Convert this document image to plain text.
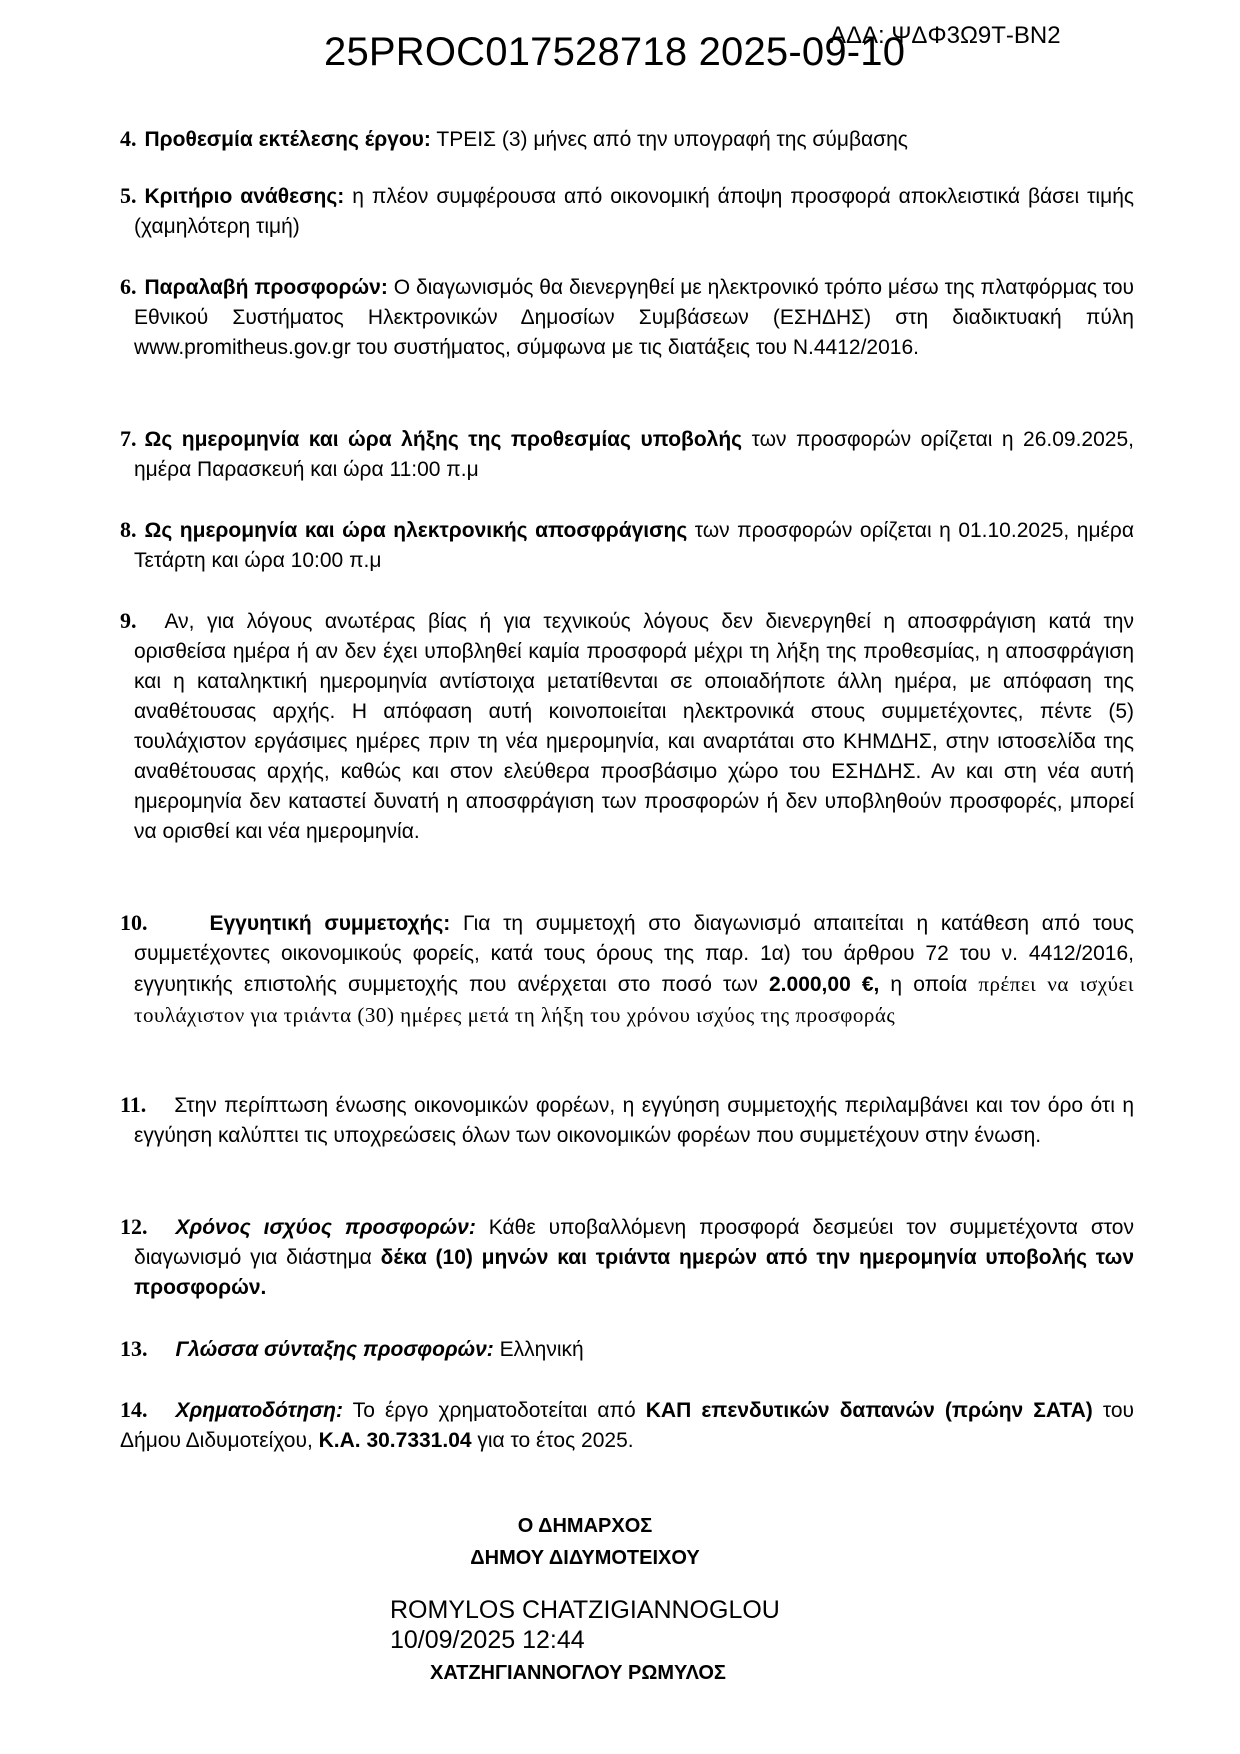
25PROC017528718 2025-09-10
ΑΔΑ: ΨΔΦ3Ω9Τ-ΒΝ2
4. Προθεσμία εκτέλεσης έργου: ΤΡΕΙΣ (3) μήνες από την υπογραφή της σύμβασης
5. Κριτήριο ανάθεσης: η πλέον συμφέρουσα από οικονομική άποψη προσφορά αποκλειστικά βάσει τιμής (χαμηλότερη τιμή)
6. Παραλαβή προσφορών: Ο διαγωνισμός θα διενεργηθεί με ηλεκτρονικό τρόπο μέσω της πλατφόρμας του Εθνικού Συστήματος Ηλεκτρονικών Δημοσίων Συμβάσεων (ΕΣΗΔΗΣ) στη διαδικτυακή πύλη www.promitheus.gov.gr του συστήματος, σύμφωνα με τις διατάξεις του Ν.4412/2016.
7. Ως ημερομηνία και ώρα λήξης της προθεσμίας υποβολής των προσφορών ορίζεται η 26.09.2025, ημέρα Παρασκευή και ώρα 11:00 π.μ
8. Ως ημερομηνία και ώρα ηλεκτρονικής αποσφράγισης των προσφορών ορίζεται η 01.10.2025, ημέρα Τετάρτη και ώρα 10:00 π.μ
9. Αν, για λόγους ανωτέρας βίας ή για τεχνικούς λόγους δεν διενεργηθεί η αποσφράγιση κατά την ορισθείσα ημέρα ή αν δεν έχει υποβληθεί καμία προσφορά μέχρι τη λήξη της προθεσμίας, η αποσφράγιση και η καταληκτική ημερομηνία αντίστοιχα μετατίθενται σε οποιαδήποτε άλλη ημέρα, με απόφαση της αναθέτουσας αρχής. Η απόφαση αυτή κοινοποιείται ηλεκτρονικά στους συμμετέχοντες, πέντε (5) τουλάχιστον εργάσιμες ημέρες πριν τη νέα ημερομηνία, και αναρτάται στο ΚΗΜΔΗΣ, στην ιστοσελίδα της αναθέτουσας αρχής, καθώς και στον ελεύθερα προσβάσιμο χώρο του ΕΣΗΔΗΣ. Αν και στη νέα αυτή ημερομηνία δεν καταστεί δυνατή η αποσφράγιση των προσφορών ή δεν υποβληθούν προσφορές, μπορεί να ορισθεί και νέα ημερομηνία.
10.	Εγγυητική συμμετοχής: Για τη συμμετοχή στο διαγωνισμό απαιτείται η κατάθεση από τους συμμετέχοντες οικονομικούς φορείς, κατά τους όρους της παρ. 1α) του άρθρου 72 του ν. 4412/2016, εγγυητικής επιστολής συμμετοχής που ανέρχεται στο ποσό των 2.000,00 €, η οποία πρέπει να ισχύει τουλάχιστον για τριάντα (30) ημέρες μετά τη λήξη του χρόνου ισχύος της προσφοράς
11. Στην περίπτωση ένωσης οικονομικών φορέων, η εγγύηση συμμετοχής περιλαμβάνει και τον όρο ότι η εγγύηση καλύπτει τις υποχρεώσεις όλων των οικονομικών φορέων που συμμετέχουν στην ένωση.
12. Χρόνος ισχύος προσφορών: Κάθε υποβαλλόμενη προσφορά δεσμεύει τον συμμετέχοντα στον διαγωνισμό για διάστημα δέκα (10) μηνών και τριάντα ημερών από την ημερομηνία υποβολής των προσφορών.
13. Γλώσσα σύνταξης προσφορών: Ελληνική
14. Χρηματοδότηση: Το έργο χρηματοδοτείται από ΚΑΠ επενδυτικών δαπανών (πρώην ΣΑΤΑ) του Δήμου Διδυμοτείχου, Κ.Α. 30.7331.04 για το έτος 2025.
Ο ΔΗΜΑΡΧΟΣ
ΔΗΜΟΥ ΔΙΔΥΜΟΤΕΙΧΟΥ
ROMYLOS CHATZIGIANNOGLOU
10/09/2025 12:44
ΧΑΤΖΗΓΙΑΝΝΟΓΛΟΥ ΡΩΜΥΛΟΣ
